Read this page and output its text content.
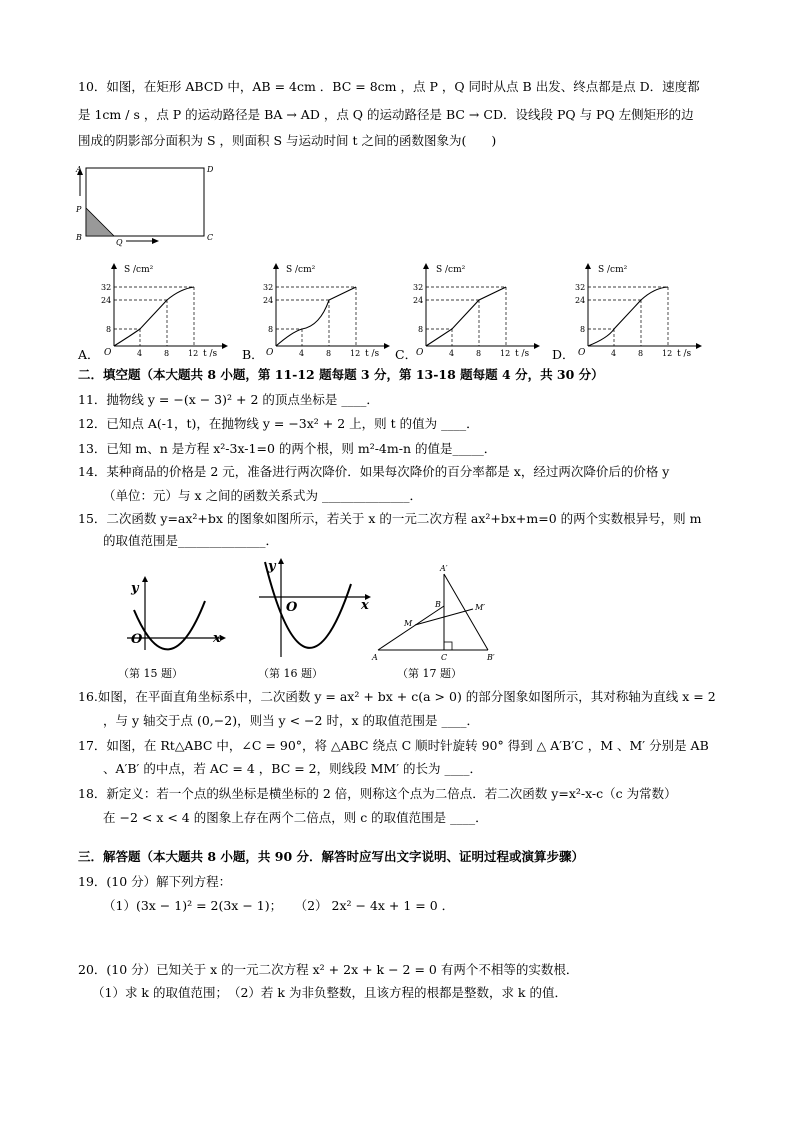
10．如图，在矩形 ABCD 中，AB = 4cm ．BC = 8cm ，点 P ，Q 同时从点 B 出发、终点都是点 D．速度都
是 1cm / s ，点 P 的运动路径是 BA → AD ，点 Q 的运动路径是 BC → CD．设线段 PQ 与 PQ 左侧矩形的边
围成的阴影部分面积为 S ，则面积 S 与运动时间 t 之间的函数图象为(　　)
A	D
P
B
Q
C
S /cm²
t /s
O	4	8 12
8
24
32
S /cm²
t /s
O	4	8 12
8
24
32
S /cm²
t /s
O	4	8 12
8
24
32
S /cm²
t /s
O	4	8 12
8
24
32
A．	B．	C．	D．
二．填空题（本大题共 8 小题，第 11-12 题每题 3 分，第 13-18 题每题 4 分，共 30 分）
11．抛物线 y = −(x − 3)² + 2 的顶点坐标是 ____．
12．已知点 A(-1，t)，在抛物线 y = −3x² + 2 上，则 t 的值为 ____．
13．已知 m、n 是方程 x²-3x-1=0 的两个根，则 m²-4m-n 的值是_____．
14．某种商品的价格是 2 元，准备进行两次降价．如果每次降价的百分率都是 x，经过两次降价后的价格 y
（单位：元）与 x 之间的函数关系式为 ______________．
15．二次函数 y=ax²+bx 的图象如图所示，若关于 x 的一元二次方程 ax²+bx+m=0 的两个实数根异号，则 m
的取值范围是______________．
y
O	x
（第 15 题）
y
O	x
（第 16 题）
A′
B	M′
M
A	C	B′
（第 17 题）
16.如图，在平面直角坐标系中，二次函数 y = ax² + bx + c(a > 0) 的部分图象如图所示，其对称轴为直线 x = 2
，与 y 轴交于点 (0,−2)，则当 y < −2 时，x 的取值范围是 ____．
17．如图，在 Rt△ABC 中，∠C = 90°，将 △ABC 绕点 C 顺时针旋转 90° 得到 △ A′B′C ，M 、M′ 分别是 AB
、A′B′ 的中点，若 AC = 4 ，BC = 2，则线段 MM′ 的长为 ____．
18．新定义：若一个点的纵坐标是横坐标的 2 倍，则称这个点为二倍点．若二次函数 y=x²-x-c（c 为常数）
在 −2 < x < 4 的图象上存在两个二倍点，则 c 的取值范围是 ____．
三．解答题（本大题共 8 小题，共 90 分．解答时应写出文字说明、证明过程或演算步骤）
19．(10 分）解下列方程：
（1）(3x − 1)² = 2(3x − 1)；　　（2） 2x² − 4x + 1 = 0 ．
20．(10 分）已知关于 x 的一元二次方程 x² + 2x + k − 2 = 0 有两个不相等的实数根．
（1）求 k 的取值范围；　（2）若 k 为非负整数，且该方程的根都是整数，求 k 的值．
